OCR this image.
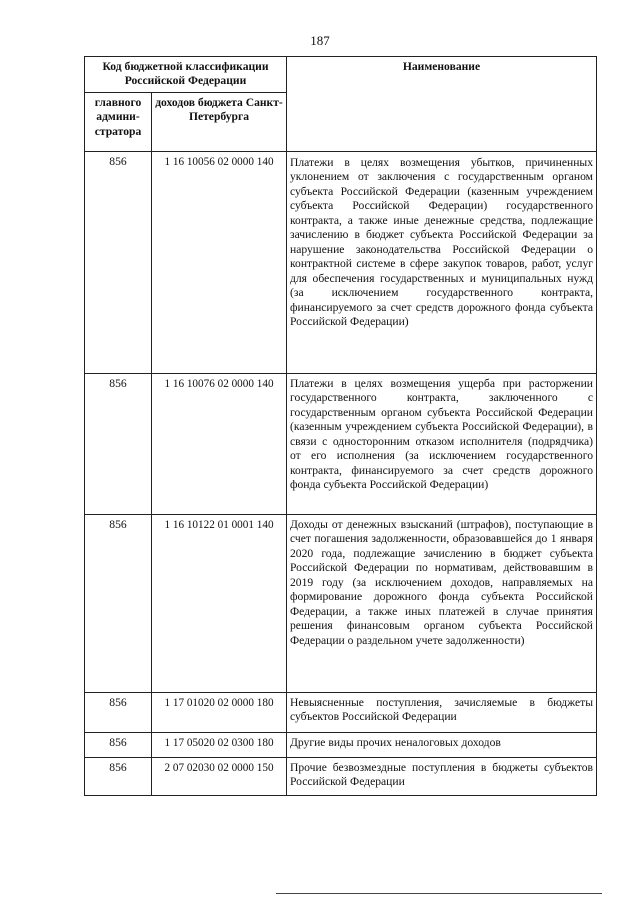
187
Код бюджетной классификации Российской Федерации		Наименование
главного админи-стратора	доходов бюджета Санкт-Петербурга	
856	1 16 10056 02 0000 140	Платежи в целях возмещения убытков, причиненных уклонением от заключения с государственным органом субъекта Российской Федерации (казенным учреждением субъекта Российской Федерации) государственного контракта, а также иные денежные средства, подлежащие зачислению в бюджет субъекта Российской Федерации за нарушение законодательства Российской Федерации о контрактной системе в сфере закупок товаров, работ, услуг для обеспечения государственных и муниципальных нужд (за исключением государственного контракта, финансируемого за счет средств дорожного фонда субъекта Российской Федерации)
856	1 16 10076 02 0000 140	Платежи в целях возмещения ущерба при расторжении государственного контракта, заключенного с государственным органом субъекта Российской Федерации (казенным учреждением субъекта Российской Федерации), в связи с односторонним отказом исполнителя (подрядчика) от его исполнения (за исключением государственного контракта, финансируемого за счет средств дорожного фонда субъекта Российской Федерации)
856	1 16 10122 01 0001 140	Доходы от денежных взысканий (штрафов), поступающие в счет погашения задолженности, образовавшейся до 1 января 2020 года, подлежащие зачислению в бюджет субъекта Российской Федерации по нормативам, действовавшим в 2019 году (за исключением доходов, направляемых на формирование дорожного фонда субъекта Российской Федерации, а также иных платежей в случае принятия решения финансовым органом субъекта Российской Федерации о раздельном учете задолженности)
856	1 17 01020 02 0000 180	Невыясненные поступления, зачисляемые в бюджеты субъектов Российской Федерации
856	1 17 05020 02 0300 180	Другие виды прочих неналоговых доходов
856	2 07 02030 02 0000 150	Прочие безвозмездные поступления в бюджеты субъектов Российской Федерации
